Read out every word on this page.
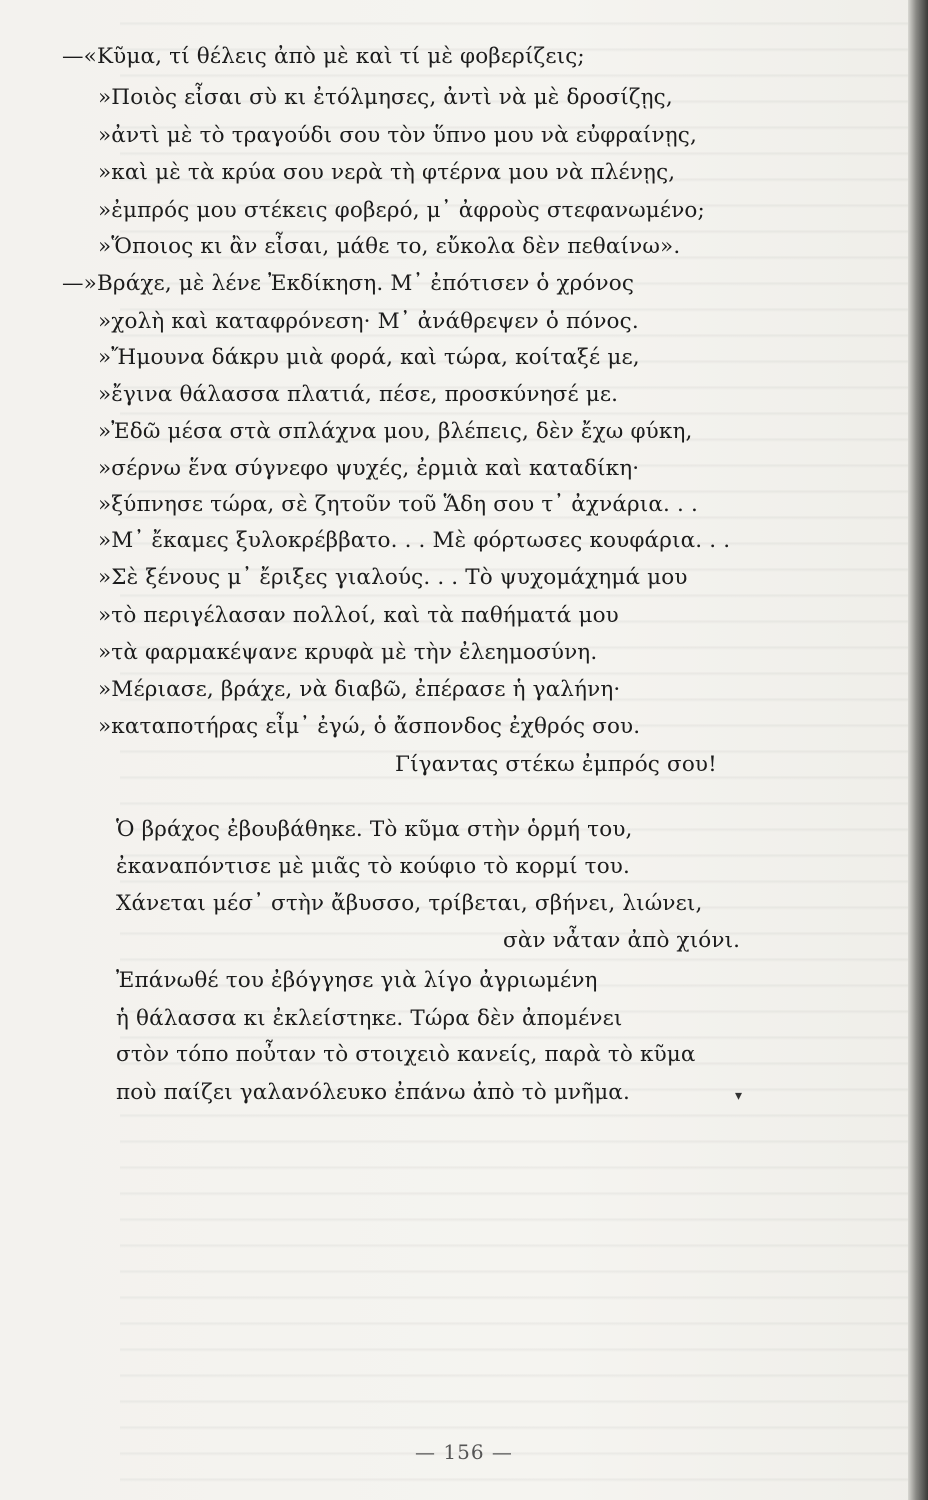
—«Κῦμα, τί θέλεις ἀπὸ μὲ καὶ τί μὲ φοβερίζεις;
»Ποιὸς εἶσαι σὺ κι ἐτόλμησες, ἀντὶ νὰ μὲ δροσίζῃς,
»ἀντὶ μὲ τὸ τραγούδι σου τὸν ὕπνο μου νὰ εὐφραίνῃς,
»καὶ μὲ τὰ κρύα σου νερὰ τὴ φτέρνα μου νὰ πλένῃς,
»ἐμπρός μου στέκεις φοβερό, μ᾽ ἀφροὺς στεφανωμένο;
»Ὅποιος κι ἂν εἶσαι, μάθε το, εὔκολα δὲν πεθαίνω».
—»Βράχε, μὲ λένε Ἐκδίκηση. Μ᾽ ἐπότισεν ὁ χρόνος
»χολὴ καὶ καταφρόνεση· Μ᾽ ἀνάθρεψεν ὁ πόνος.
»Ἤμουνα δάκρυ μιὰ φορά, καὶ τώρα, κοίταξέ με,
»ἔγινα θάλασσα πλατιά, πέσε, προσκύνησέ με.
»Ἐδῶ μέσα στὰ σπλάχνα μου, βλέπεις, δὲν ἔχω φύκη,
»σέρνω ἕνα σύγνεφο ψυχές, ἐρμιὰ καὶ καταδίκη·
»ξύπνησε τώρα, σὲ ζητοῦν τοῦ Ἅδη σου τ᾽ ἀχνάρια. . .
»Μ᾽ ἔκαμες ξυλοκρέββατο. . . Μὲ φόρτωσες κουφάρια. . .
»Σὲ ξένους μ᾽ ἔριξες γιαλούς. . . Τὸ ψυχομάχημά μου
»τὸ περιγέλασαν πολλοί, καὶ τὰ παθήματά μου
»τὰ φαρμακέψανε κρυφὰ μὲ τὴν ἐλεημοσύνη.
»Μέριασε, βράχε, νὰ διαβῶ, ἐπέρασε ἡ γαλήνη·
»καταποτήρας εἶμ᾽ ἐγώ, ὁ ἄσπονδος ἐχθρός σου.
Γίγαντας στέκω ἐμπρός σου!
Ὁ βράχος ἐβουβάθηκε. Τὸ κῦμα στὴν ὁρμή του,
ἐκαναπόντισε μὲ μιᾶς τὸ κούφιο τὸ κορμί του.
Χάνεται μέσ᾽ στὴν ἄβυσσο, τρίβεται, σβήνει, λιώνει,
σὰν νἆταν ἀπὸ χιόνι.
Ἐπάνωθέ του ἐβόγγησε γιὰ λίγο ἀγριωμένη
ἡ θάλασσα κι ἐκλείστηκε. Τώρα δὲν ἀπομένει
στὸν τόπο ποὖταν τὸ στοιχειὸ κανείς, παρὰ τὸ κῦμα
ποὺ παίζει γαλανόλευκο ἐπάνω ἀπὸ τὸ μνῆμα.	▾
— 156 —
